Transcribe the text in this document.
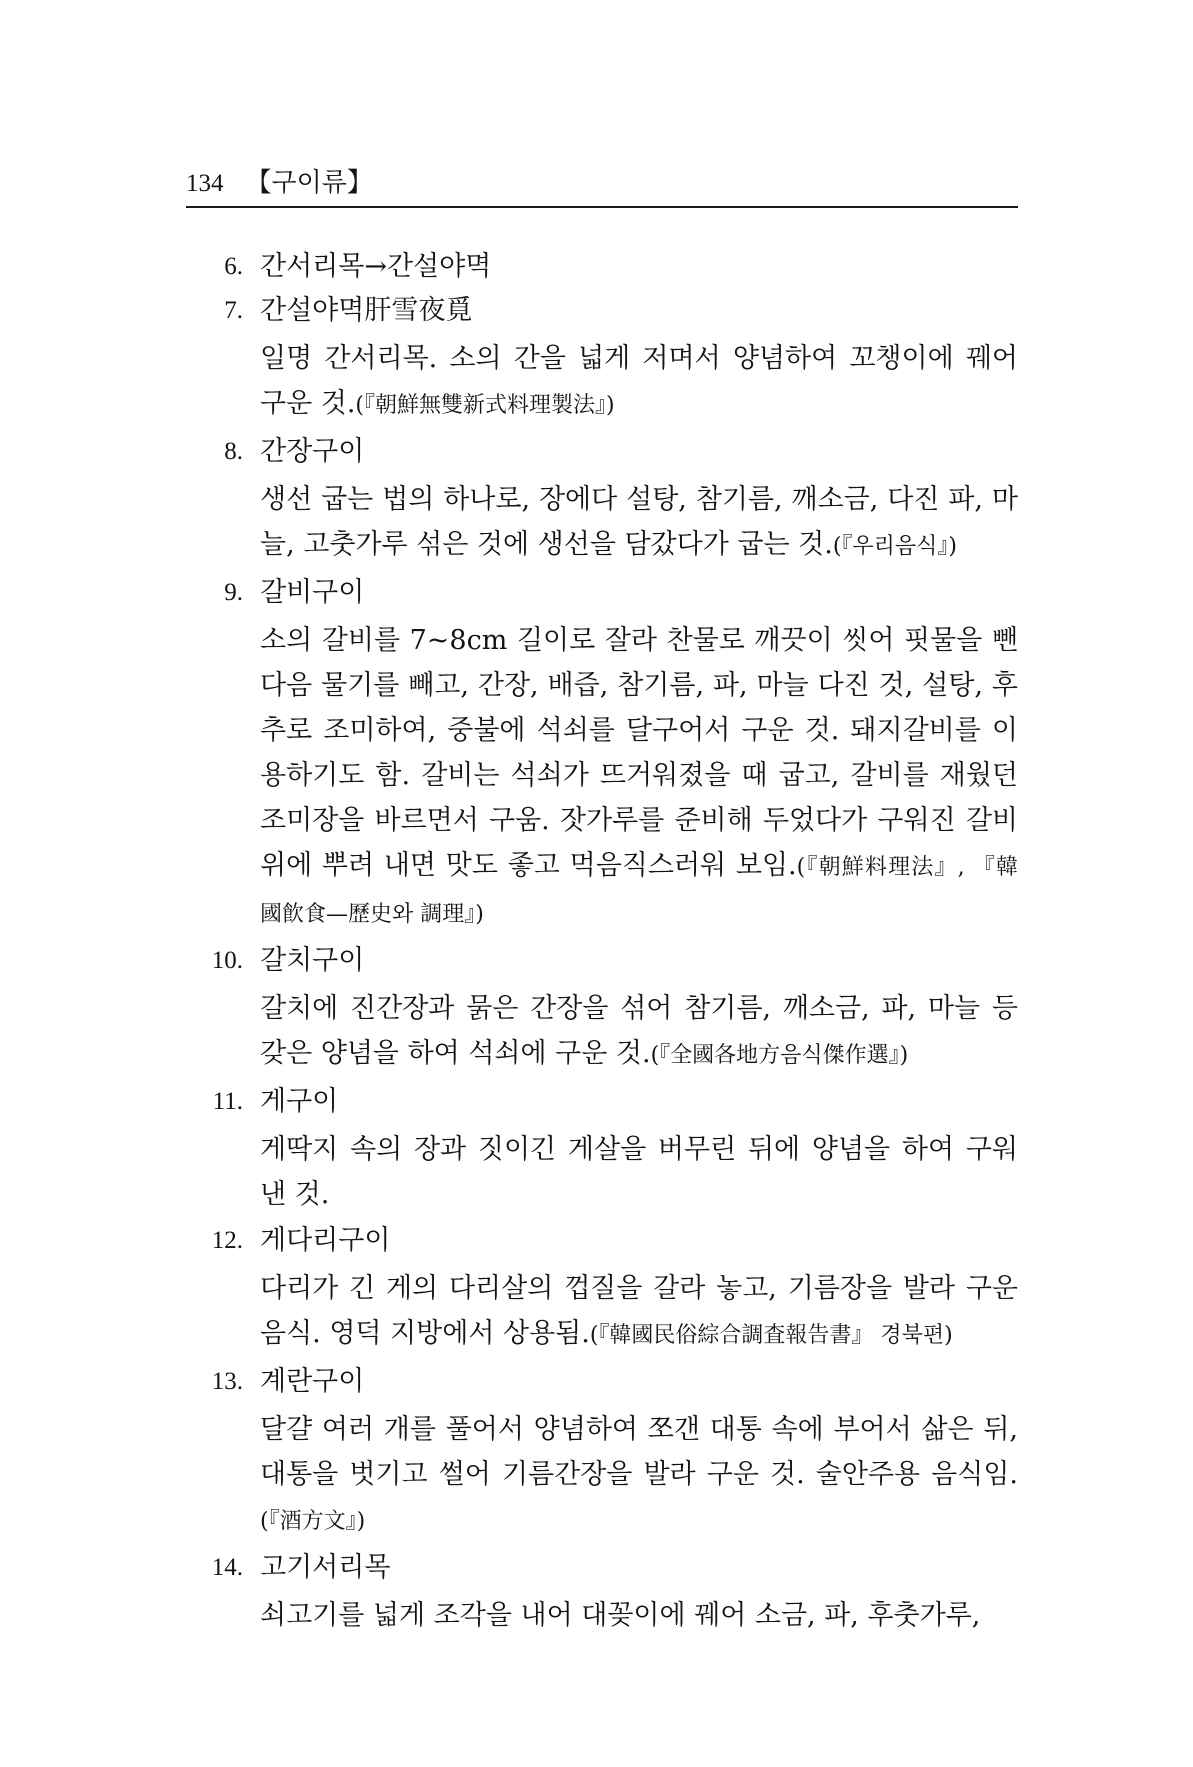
134 【구이류】
6. 간서리목→간설야멱
7. 간설야멱肝雪夜覓
일명 간서리목. 소의 간을 넓게 저며서 양념하여 꼬챙이에 꿰어 구운 것.(『朝鮮無雙新式料理製法』)
8. 간장구이
생선 굽는 법의 하나로, 장에다 설탕, 참기름, 깨소금, 다진 파, 마늘, 고춧가루 섞은 것에 생선을 담갔다가 굽는 것.(『우리음식』)
9. 갈비구이
소의 갈비를 7~8cm 길이로 잘라 찬물로 깨끗이 씻어 핏물을 뺀 다음 물기를 빼고, 간장, 배즙, 참기름, 파, 마늘 다진 것, 설탕, 후추로 조미하여, 중불에 석쇠를 달구어서 구운 것. 돼지갈비를 이용하기도 함. 갈비는 석쇠가 뜨거워졌을 때 굽고, 갈비를 재웠던 조미장을 바르면서 구움. 잣가루를 준비해 두었다가 구워진 갈비 위에 뿌려 내면 맛도 좋고 먹음직스러워 보임.(『朝鮮料理法』, 『韓國飮食—歷史와 調理』)
10. 갈치구이
갈치에 진간장과 묽은 간장을 섞어 참기름, 깨소금, 파, 마늘 등 갖은 양념을 하여 석쇠에 구운 것.(『全國各地方음식傑作選』)
11. 게구이
게딱지 속의 장과 짓이긴 게살을 버무린 뒤에 양념을 하여 구워 낸 것.
12. 게다리구이
다리가 긴 게의 다리살의 껍질을 갈라 놓고, 기름장을 발라 구운 음식. 영덕 지방에서 상용됨.(『韓國民俗綜合調査報告書』 경북편)
13. 계란구이
달걀 여러 개를 풀어서 양념하여 쪼갠 대통 속에 부어서 삶은 뒤, 대통을 벗기고 썰어 기름간장을 발라 구운 것. 술안주용 음식임.(『酒方文』)
14. 고기서리목
쇠고기를 넓게 조각을 내어 대꽂이에 꿰어 소금, 파, 후춧가루,
